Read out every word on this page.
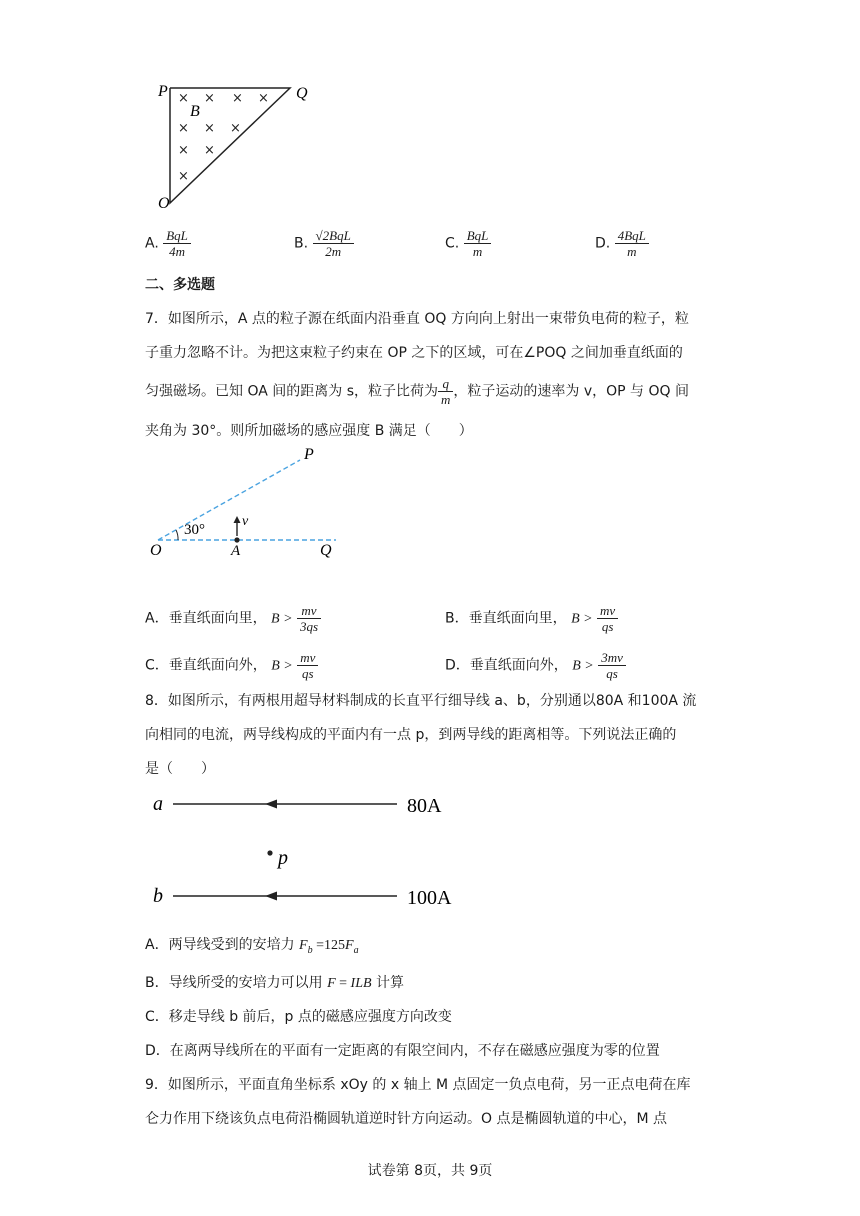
P	Q
O
B
× × × ×
× × ×
× ×
×
A. $\frac{\text{BqL}}{4m}$	B. $\frac{\text{√2BqL}}{2m}$	C. $\frac{\text{BqL}}{m}$	D. $\frac{\text{4BqL}}{m}$
二、多选题
7．如图所示，A 点的粒子源在纸面内沿垂直 OQ 方向向上射出一束带负电荷的粒子，粒
子重力忽略不计。为把这束粒子约束在 OP 之下的区域，可在∠POQ 之间加垂直纸面的
匀强磁场。已知 OA 间的距离为 s，粒子比荷为 $\frac{q}{m}$ ，粒子运动的速率为 v，OP 与 OQ 间
夹角为 30°。则所加磁场的感应强度 B 满足（　　）
O	A	Q
P
v
30°
A．垂直纸面向里， $B > \frac{mv}{3qs}$	B．垂直纸面向里， $B > \frac{mv}{qs}$
C．垂直纸面向外， $B > \frac{mv}{qs}$	D．垂直纸面向外， $B > \frac{3mv}{qs}$
8．如图所示，有两根用超导材料制成的长直平行细导线 a、b，分别通以80A 和100A 流
向相同的电流，两导线构成的平面内有一点 p，到两导线的距离相等。下列说法正确的
是（　　）
a	80A
p
b	100A
A．两导线受到的安培力 $F_b =125F_a$
B．导线所受的安培力可以用 F = ILB 计算
C．移走导线 b 前后，p 点的磁感应强度方向改变
D．在离两导线所在的平面有一定距离的有限空间内，不存在磁感应强度为零的位置
9．如图所示，平面直角坐标系 xOy 的 x 轴上 M 点固定一负点电荷，另一正点电荷在库
仑力作用下绕该负点电荷沿椭圆轨道逆时针方向运动。O 点是椭圆轨道的中心，M 点
试卷第 8页，共 9页
